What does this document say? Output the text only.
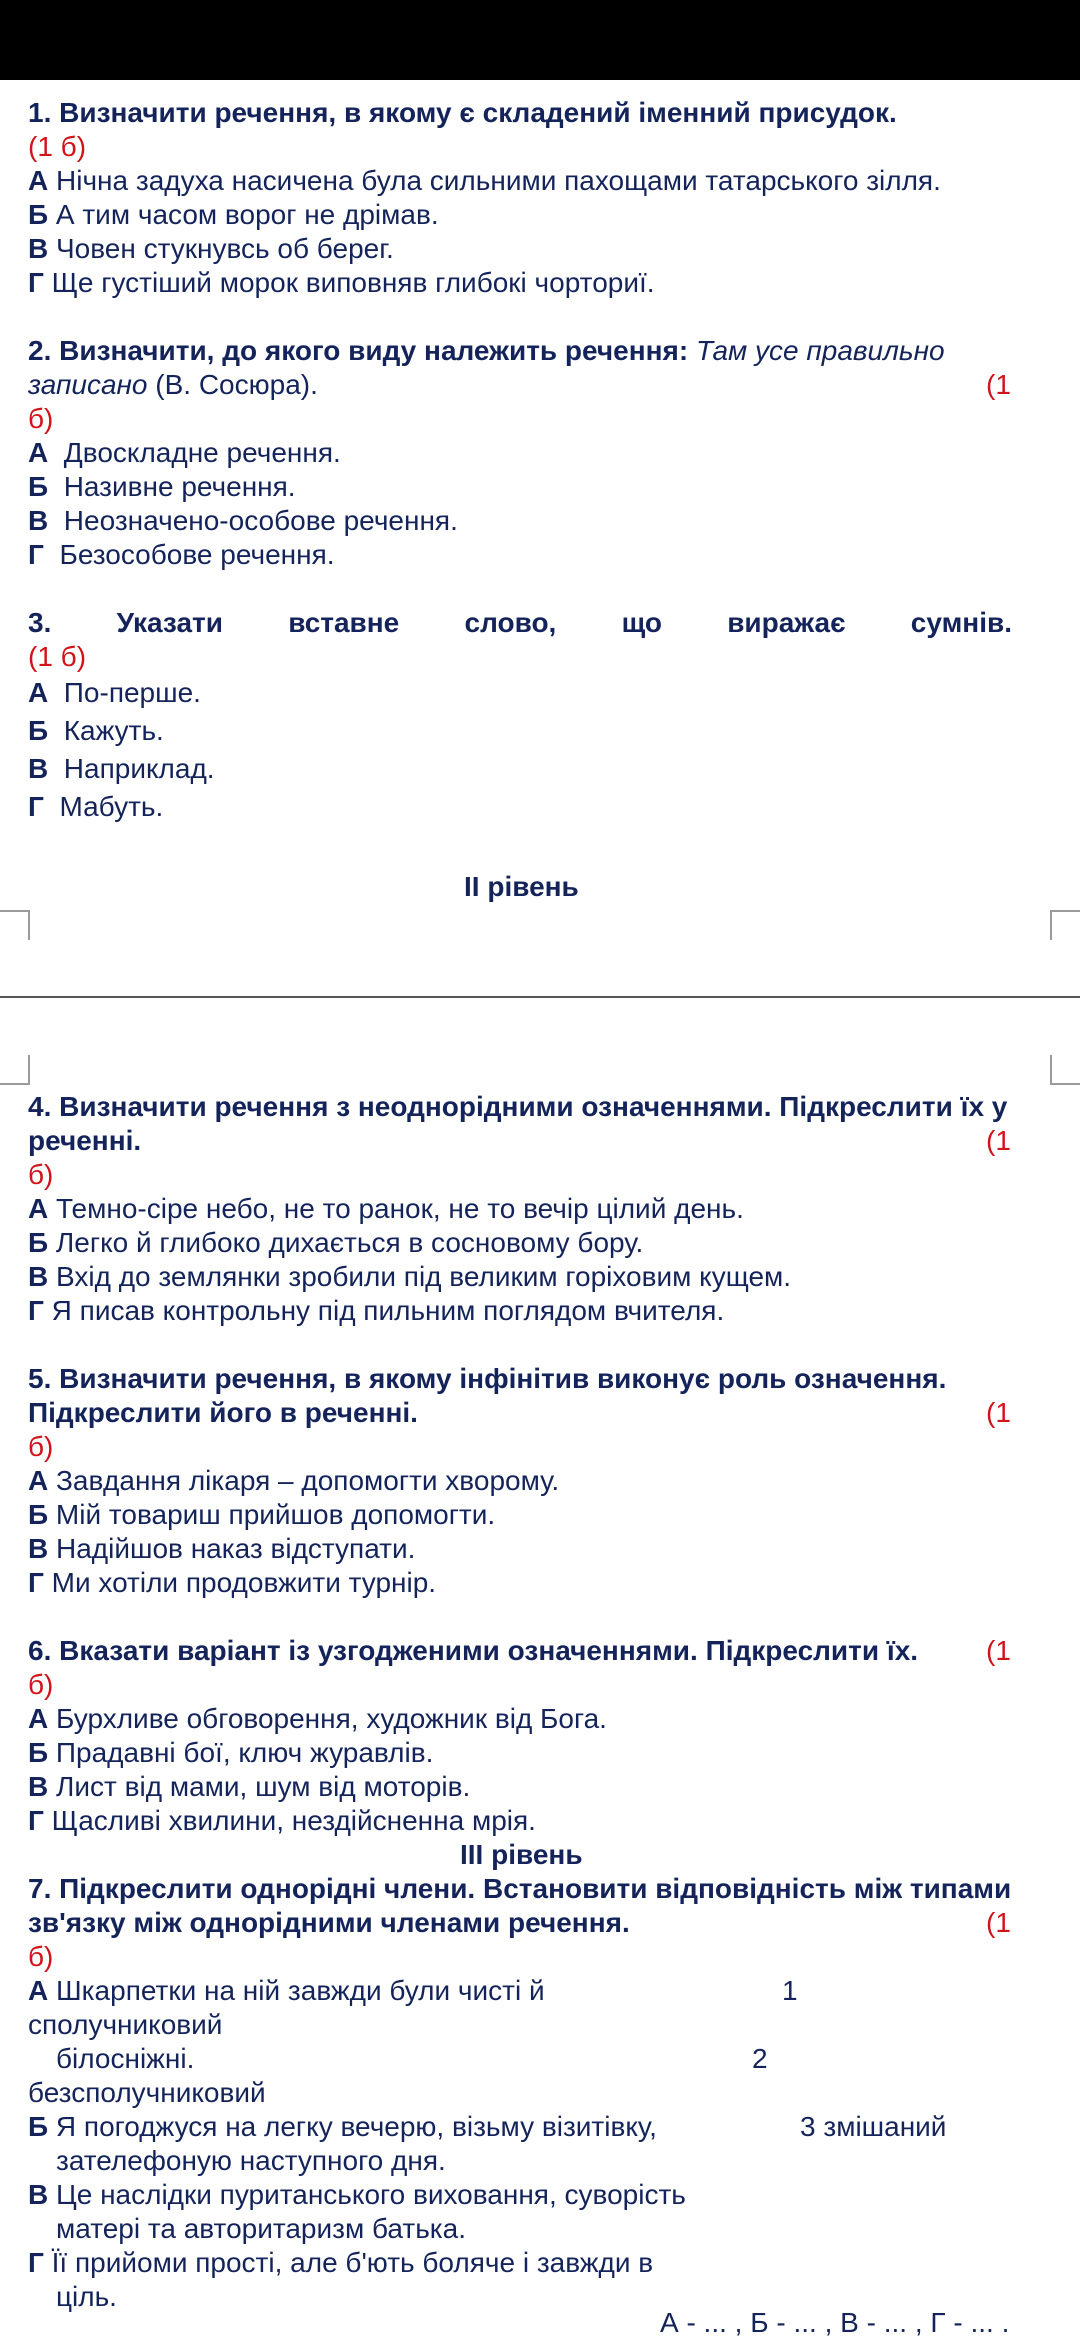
1. Визначити речення, в якому є складений іменний присудок.
(1 б)
А Нічна задуха насичена була сильними пахощами татарського зілля.
Б А тим часом ворог не дрімав.
В Човен стукнувсь об берег.
Г Ще густіший морок виповняв глибокі чорториї.
2. Визначити, до якого виду належить речення: Там усе правильно
записано (В. Сосюра).	(1
б)
А Двоскладне речення.
Б Називне речення.
В Неозначено-особове речення.
Г Безособове речення.
3. Указати вставне слово, що виражає сумнів.
(1 б)
А По-перше.
Б Кажуть.
В Наприклад.
Г Мабуть.
ІІ рівень
4. Визначити речення з неоднорідними означеннями. Підкреслити їх у
реченні.	(1
б)
А Темно-сіре небо, не то ранок, не то вечір цілий день.
Б Легко й глибоко дихається в сосновому бору.
В Вхід до землянки зробили під великим горіховим кущем.
Г Я писав контрольну під пильним поглядом вчителя.
5. Визначити речення, в якому інфінітив виконує роль означення.
Підкреслити його в реченні.	(1
б)
А Завдання лікаря – допомогти хворому.
Б Мій товариш прийшов допомогти.
В Надійшов наказ відступати.
Г Ми хотіли продовжити турнір.
6. Вказати варіант із узгодженими означеннями. Підкреслити їх. (1
б)
А Бурхливе обговорення, художник від Бога.
Б Прадавні бої, ключ журавлів.
В Лист від мами, шум від моторів.
Г Щасливі хвилини, нездійсненна мрія.
ІІІ рівень
7. Підкреслити однорідні члени. Встановити відповідність між типами
зв'язку між однорідними членами речення.	(1
б)
А Шкарпетки на ній завжди були чисті й	1
сполучниковий
білосніжні.	2
безсполучниковий
Б Я погоджуся на легку вечерю, візьму візитівку,	3 змішаний
зателефоную наступного дня.
В Це наслідки пуританського виховання, суворість
матері та авторитаризм батька.
Г Її прийоми прості, але б'ють боляче і завжди в
ціль.
А - ... , Б - ... , В - ... , Г - ... .
